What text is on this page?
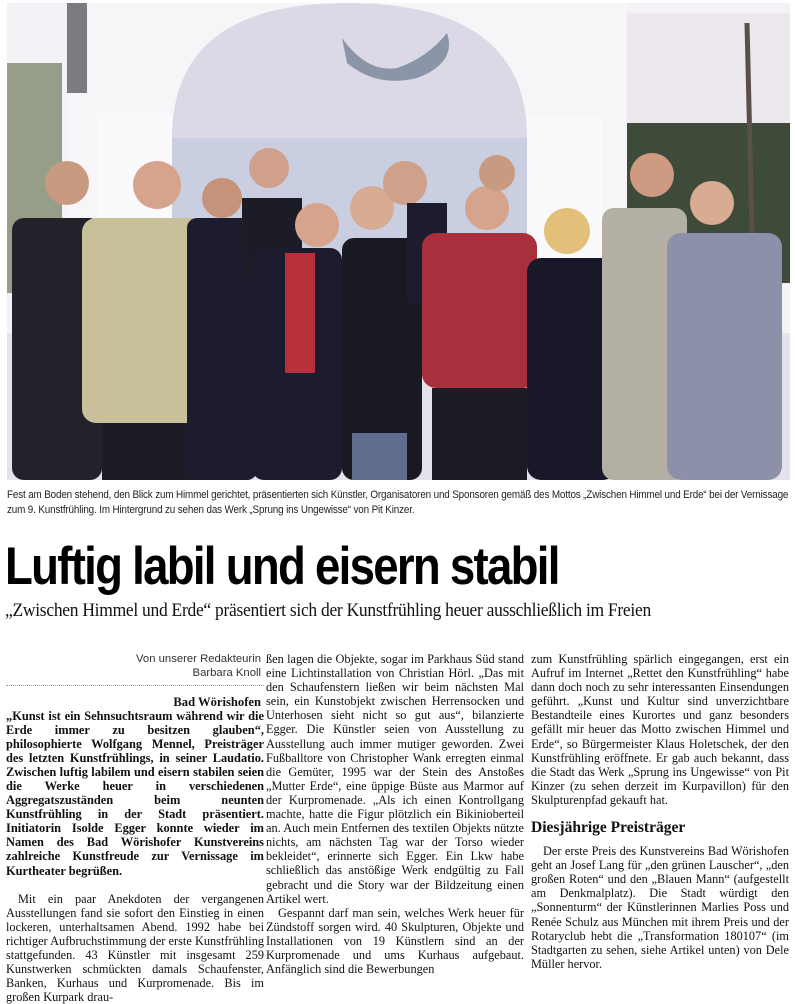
Fest am Boden stehend, den Blick zum Himmel gerichtet, präsentierten sich Künstler, Organisatoren und Sponsoren gemäß des Mottos „Zwischen Himmel und Erde“ bei der Vernissage zum 9. Kunstfrühling. Im Hintergrund zu sehen das Werk „Sprung ins Ungewisse“ von Pit Kinzer.

Luftig labil und eisern stabil
„Zwischen Himmel und Erde“ präsentiert sich der Kunstfrühling heuer ausschließlich im Freien
Von unserer Redakteurin
Barbara Knoll
Bad Wörishofen

„Kunst ist ein Sehnsuchtsraum während wir die Erde immer zu besitzen glauben“, philosophierte Wolfgang Mennel, Preisträger des letzten Kunstfrühlings, in seiner Laudatio. Zwischen luftig labilem und eisern stabilen seien die Werke heuer in verschiedenen Aggregatszuständen beim neunten Kunstfrühling in der Stadt präsentiert. Initiatorin Isolde Egger konnte wieder im Namen des Bad Wörishofer Kunstvereins zahlreiche Kunstfreude zur Vernissage im Kurtheater begrüßen.

Mit ein paar Anekdoten der vergangenen Ausstellungen fand sie sofort den Einstieg in einen lockeren, unterhaltsamen Abend. 1992 habe bei richtiger Aufbruchstimmung der erste Kunstfrühling stattgefunden. 43 Künstler mit insgesamt 259 Kunstwerken schmückten damals Schaufenster, Banken, Kurhaus und Kurpromenade. Bis im großen Kurpark drau-

ßen lagen die Objekte, sogar im Parkhaus Süd stand eine Lichtinstallation von Christian Hörl. „Das mit den Schaufenstern ließen wir beim nächsten Mal sein, ein Kunstobjekt zwischen Herrensocken und Unterhosen sieht nicht so gut aus“, bilanzierte Egger. Die Künstler seien von Ausstellung zu Ausstellung auch immer mutiger geworden. Zwei Fußballtore von Christopher Wank erregten einmal die Gemüter, 1995 war der Stein des Anstoßes „Mutter Erde“, eine üppige Büste aus Marmor auf der Kurpromenade. „Als ich einen Kontrollgang machte, hatte die Figur plötzlich ein Bikinioberteil an. Auch mein Entfernen des textilen Objekts nützte nichts, am nächsten Tag war der Torso wieder bekleidet“, erinnerte sich Egger. Ein Lkw habe schließlich das anstößige Werk endgültig zu Fall gebracht und die Story war der Bildzeitung einen Artikel wert.

Gespannt darf man sein, welches Werk heuer für Zündstoff sorgen wird. 40 Skulpturen, Objekte und Installationen von 19 Künstlern sind an der Kurpromenade und ums Kurhaus aufgebaut. Anfänglich sind die Bewerbungen

zum Kunstfrühling spärlich eingegangen, erst ein Aufruf im Internet „Rettet den Kunstfrühling“ habe dann doch noch zu sehr interessanten Einsendungen geführt. „Kunst und Kultur sind unverzichtbare Bestandteile eines Kurortes und ganz besonders gefällt mir heuer das Motto zwischen Himmel und Erde“, so Bürgermeister Klaus Holetschek, der den Kunstfrühling eröffnete. Er gab auch bekannt, dass die Stadt das Werk „Sprung ins Ungewisse“ von Pit Kinzer (zu sehen derzeit im Kurpavillon) für den Skulpturenpfad gekauft hat.

Diesjährige Preisträger

Der erste Preis des Kunstvereins Bad Wörishofen geht an Josef Lang für „den grünen Lauscher“, „den großen Roten“ und den „Blauen Mann“ (aufgestellt am Denkmalplatz). Die Stadt würdigt den „Sonnenturm“ der Künstlerinnen Marlies Poss und Renée Schulz aus München mit ihrem Preis und der Rotaryclub hebt die „Transformation 180107“ (im Stadtgarten zu sehen, siehe Artikel unten) von Dele Müller hervor.
